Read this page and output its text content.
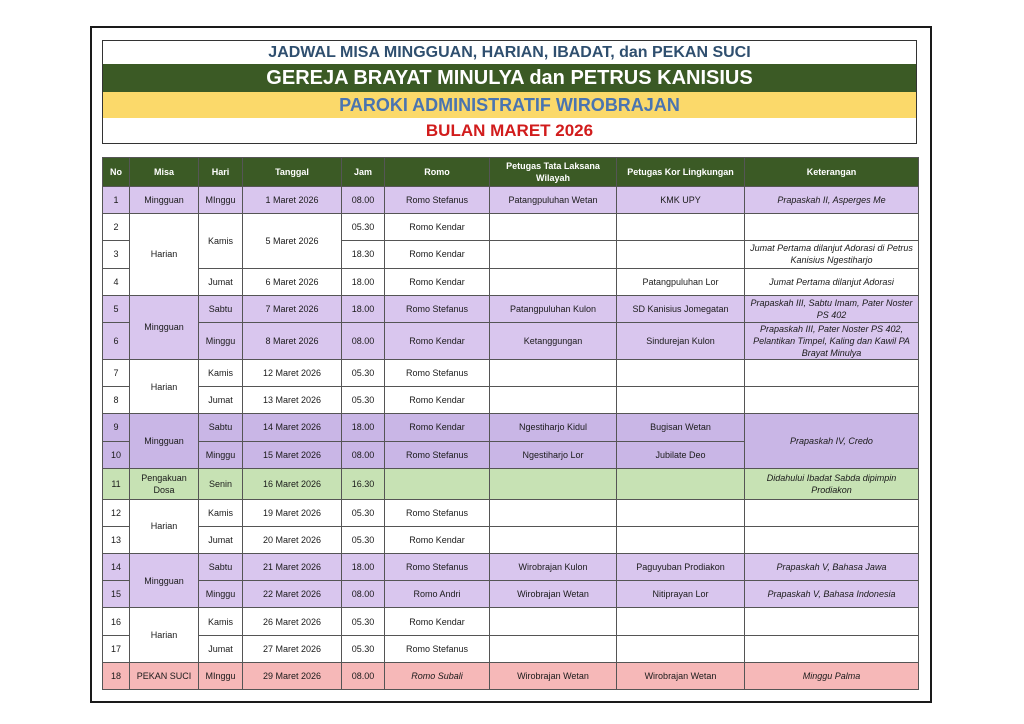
JADWAL MISA MINGGUAN, HARIAN, IBADAT, dan PEKAN SUCI
GEREJA BRAYAT MINULYA dan PETRUS KANISIUS
PAROKI ADMINISTRATIF WIROBRAJAN
BULAN MARET 2026
No	Misa	Hari	Tanggal	Jam	Romo	Petugas Tata Laksana Wilayah	Petugas Kor Lingkungan	Keterangan
1	Mingguan	MInggu	1 Maret 2026	08.00	Romo Stefanus	Patangpuluhan Wetan	KMK UPY	Prapaskah II, Asperges Me
2	Harian	Kamis	5 Maret 2026	05.30	Romo Kendar			
3				18.30	Romo Kendar			Jumat Pertama dilanjut Adorasi di Petrus Kanisius Ngestiharjo
4		Jumat	6 Maret 2026	18.00	Romo Kendar		Patangpuluhan Lor	Jumat Pertama dilanjut Adorasi
5	Mingguan	Sabtu	7 Maret 2026	18.00	Romo Stefanus	Patangpuluhan Kulon	SD Kanisius Jomegatan	Prapaskah III, Sabtu Imam, Pater Noster PS 402
6		Minggu	8 Maret 2026	08.00	Romo Kendar	Ketanggungan	Sindurejan Kulon	Prapaskah III, Pater Noster PS 402, Pelantikan Timpel, Kaling dan Kawil PA Brayat Minulya
7	Harian	Kamis	12 Maret 2026	05.30	Romo Stefanus			
8		Jumat	13 Maret 2026	05.30	Romo Kendar			
9	Mingguan	Sabtu	14 Maret 2026	18.00	Romo Kendar	Ngestiharjo Kidul	Bugisan Wetan	Prapaskah IV, Credo
10		Minggu	15 Maret 2026	08.00	Romo Stefanus	Ngestiharjo Lor	Jubilate Deo	
11	Pengakuan Dosa	Senin	16 Maret 2026	16.30				Didahului Ibadat Sabda dipimpin Prodiakon
12	Harian	Kamis	19 Maret 2026	05.30	Romo Stefanus			
13		Jumat	20 Maret 2026	05.30	Romo Kendar			
14	Mingguan	Sabtu	21 Maret 2026	18.00	Romo Stefanus	Wirobrajan Kulon	Paguyuban Prodiakon	Prapaskah V, Bahasa Jawa
15		Minggu	22 Maret 2026	08.00	Romo Andri	Wirobrajan Wetan	Nitiprayan Lor	Prapaskah V, Bahasa Indonesia
16	Harian	Kamis	26 Maret 2026	05.30	Romo Kendar			
17		Jumat	27 Maret 2026	05.30	Romo Stefanus			
18	PEKAN SUCI	MInggu	29 Maret 2026	08.00	Romo Subali	Wirobrajan Wetan	Wirobrajan Wetan	Minggu Palma
